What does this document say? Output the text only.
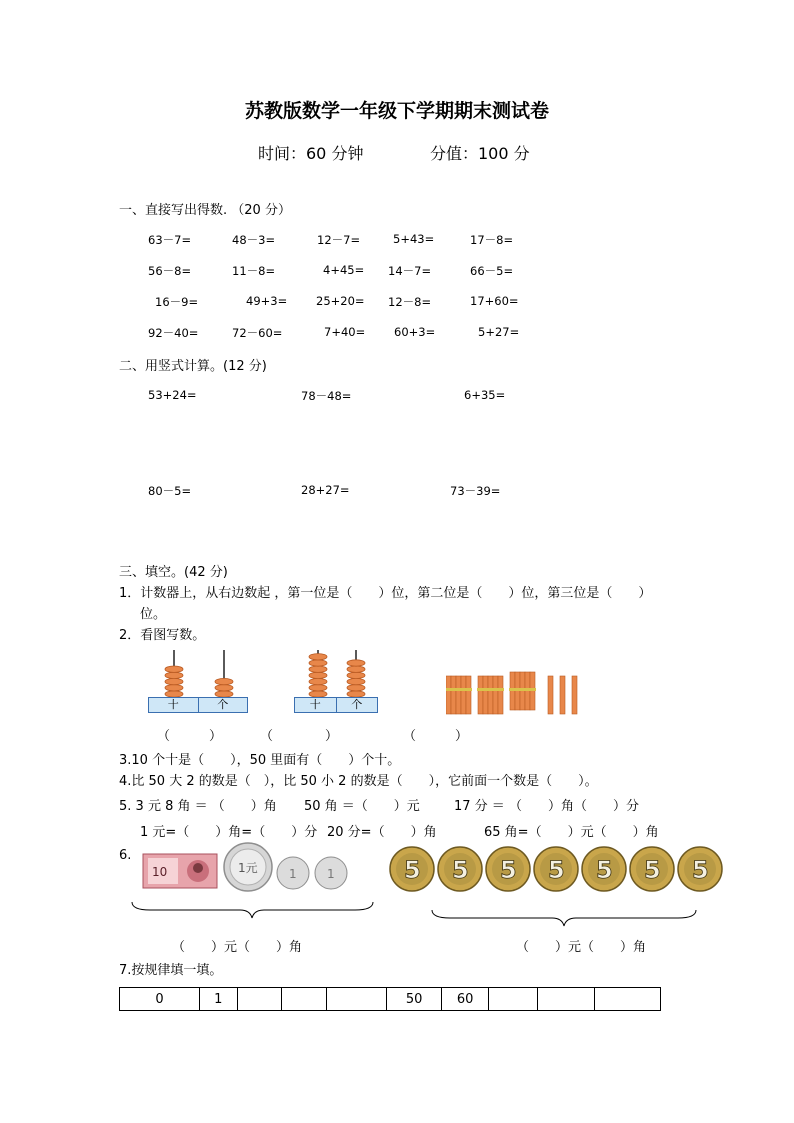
苏教版数学一年级下学期期末测试卷
时间：60 分钟	分值：100 分
一、直接写出得数. （20 分）
63－7=	48－3=	12－7=	5+43=	17－8=
56－8=	11－8=	4+45= 14－7=	66－5=
16－9=	49+3=	25+20= 12－8=	17+60=
92－40=	72－60=	7+40=	60+3=	5+27=
二、用竖式计算。(12 分)
53+24=	78－48=	6+35=
80－5=	28+27=	73－39=
三、填空。(42 分)
1．计数器上，从右边数起 ，第一位是（　　）位，第二位是（　　）位，第三位是（　　）
位。
2．看图写数。
十	个	十	个
（　　　）	（　　　　）	（　　　）
3.10 个十是（　　），50 里面有（　　）个十。
4.比 50 大 2 的数是（　），比 50 小 2 的数是（　　），它前面一个数是（　　）。
5. 3 元 8 角 ＝ （　　）角 50 角 ＝（　　）元	17 分 ＝ （　　）角（　　）分
1 元=（　　）角=（　　）分 20 分=（　　）角	65 角=（　　）元（　　）角
6.
10	1元	1	1	5 5 5 5 5 5 5
（　　）元（　　）角	（　　）元（　　）角
7.按规律填一填。
0	1				50	60			
